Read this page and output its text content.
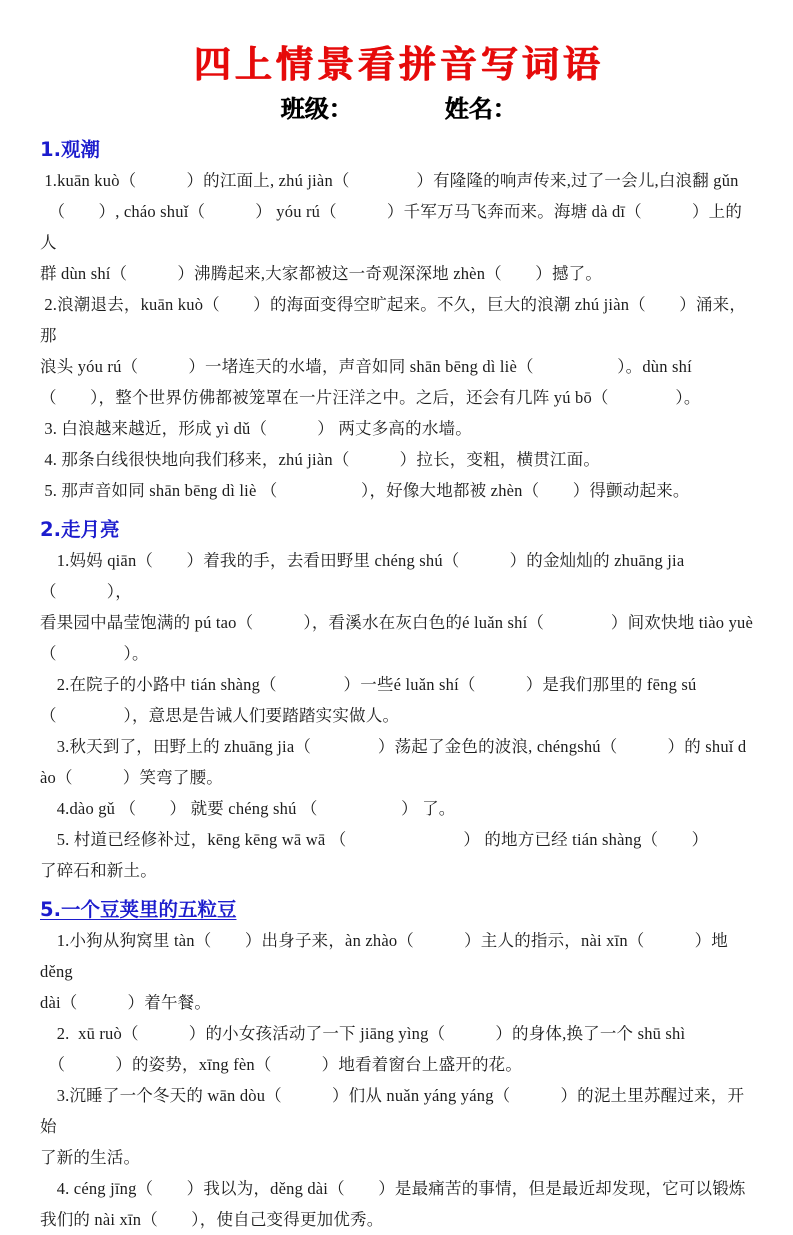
四上情景看拼音写词语
班级：	姓名：
1.观潮
1.kuān kuò（　　　）的江面上, zhú jiàn（　　　　）有隆隆的响声传来,过了一会儿,白浪翻 gǔn
　（　　）, cháo shuǐ（　　　） yóu rú（　　　）千军万马飞奔而来。海塘 dà dī（　　　）上的人
群 dùn shí（　　　）沸腾起来,大家都被这一奇观深深地 zhèn（　　）撼了。
2.浪潮退去，kuān kuò（　　）的海面变得空旷起来。不久，巨大的浪潮 zhú jiàn（　　）涌来，那
浪头 yóu rú（　　　）一堵连天的水墙，声音如同 shān bēng dì liè（　　　　　）。dùn shí
（　　），整个世界仿佛都被笼罩在一片汪洋之中。之后，还会有几阵 yú bō（　　　　）。
3. 白浪越来越近，形成 yì dǔ（　　　） 两丈多高的水墙。
4. 那条白线很快地向我们移来，zhú jiàn（　　　）拉长，变粗，横贯江面。
5. 那声音如同 shān bēng dì liè （　　　　　），好像大地都被 zhèn（　　）得颤动起来。
2.走月亮
　1.妈妈 qiān（　　）着我的手，去看田野里 chéng shú（　　　）的金灿灿的 zhuāng jia（　　　），
看果园中晶莹饱满的 pú tao（　　　），看溪水在灰白色的é luǎn shí（　　　　）间欢快地 tiào yuè
（　　　　）。
　2.在院子的小路中 tián shàng（　　　　）一些é luǎn shí（　　　）是我们那里的 fēng sú
（　　　　），意思是告诫人们要踏踏实实做人。
　3.秋天到了，田野上的 zhuāng jia（　　　　）荡起了金色的波浪, chéngshú（　　　）的 shuǐ d
ào（　　　）笑弯了腰。
　4.dào gǔ （　　） 就要 chéng shú （　　　　　） 了。
　5. 村道已经修补过，kēng kēng wā wā （　　　　　　　） 的地方已经 tián shàng（　　）
了碎石和新土。
5.一个豆荚里的五粒豆
　1.小狗从狗窝里 tàn（　　）出身子来，àn zhào（　　　）主人的指示，nài xīn（　　　）地 děng
dài（　　　）着午餐。
　2.  xū ruò（　　　）的小女孩活动了一下 jiāng yìng（　　　）的身体,换了一个 shū shì
　（　　　）的姿势，xīng fèn（　　　）地看着窗台上盛开的花。
　3.沉睡了一个冬天的 wān dòu（　　　）们从 nuǎn yáng yáng（　　　）的泥土里苏醒过来，开始
了新的生活。
　4. céng jīng（　　）我以为，děng dài（　　）是最痛苦的事情，但是最近却发现，它可以锻炼
我们的 nài xīn（　　），使自己变得更加优秀。
